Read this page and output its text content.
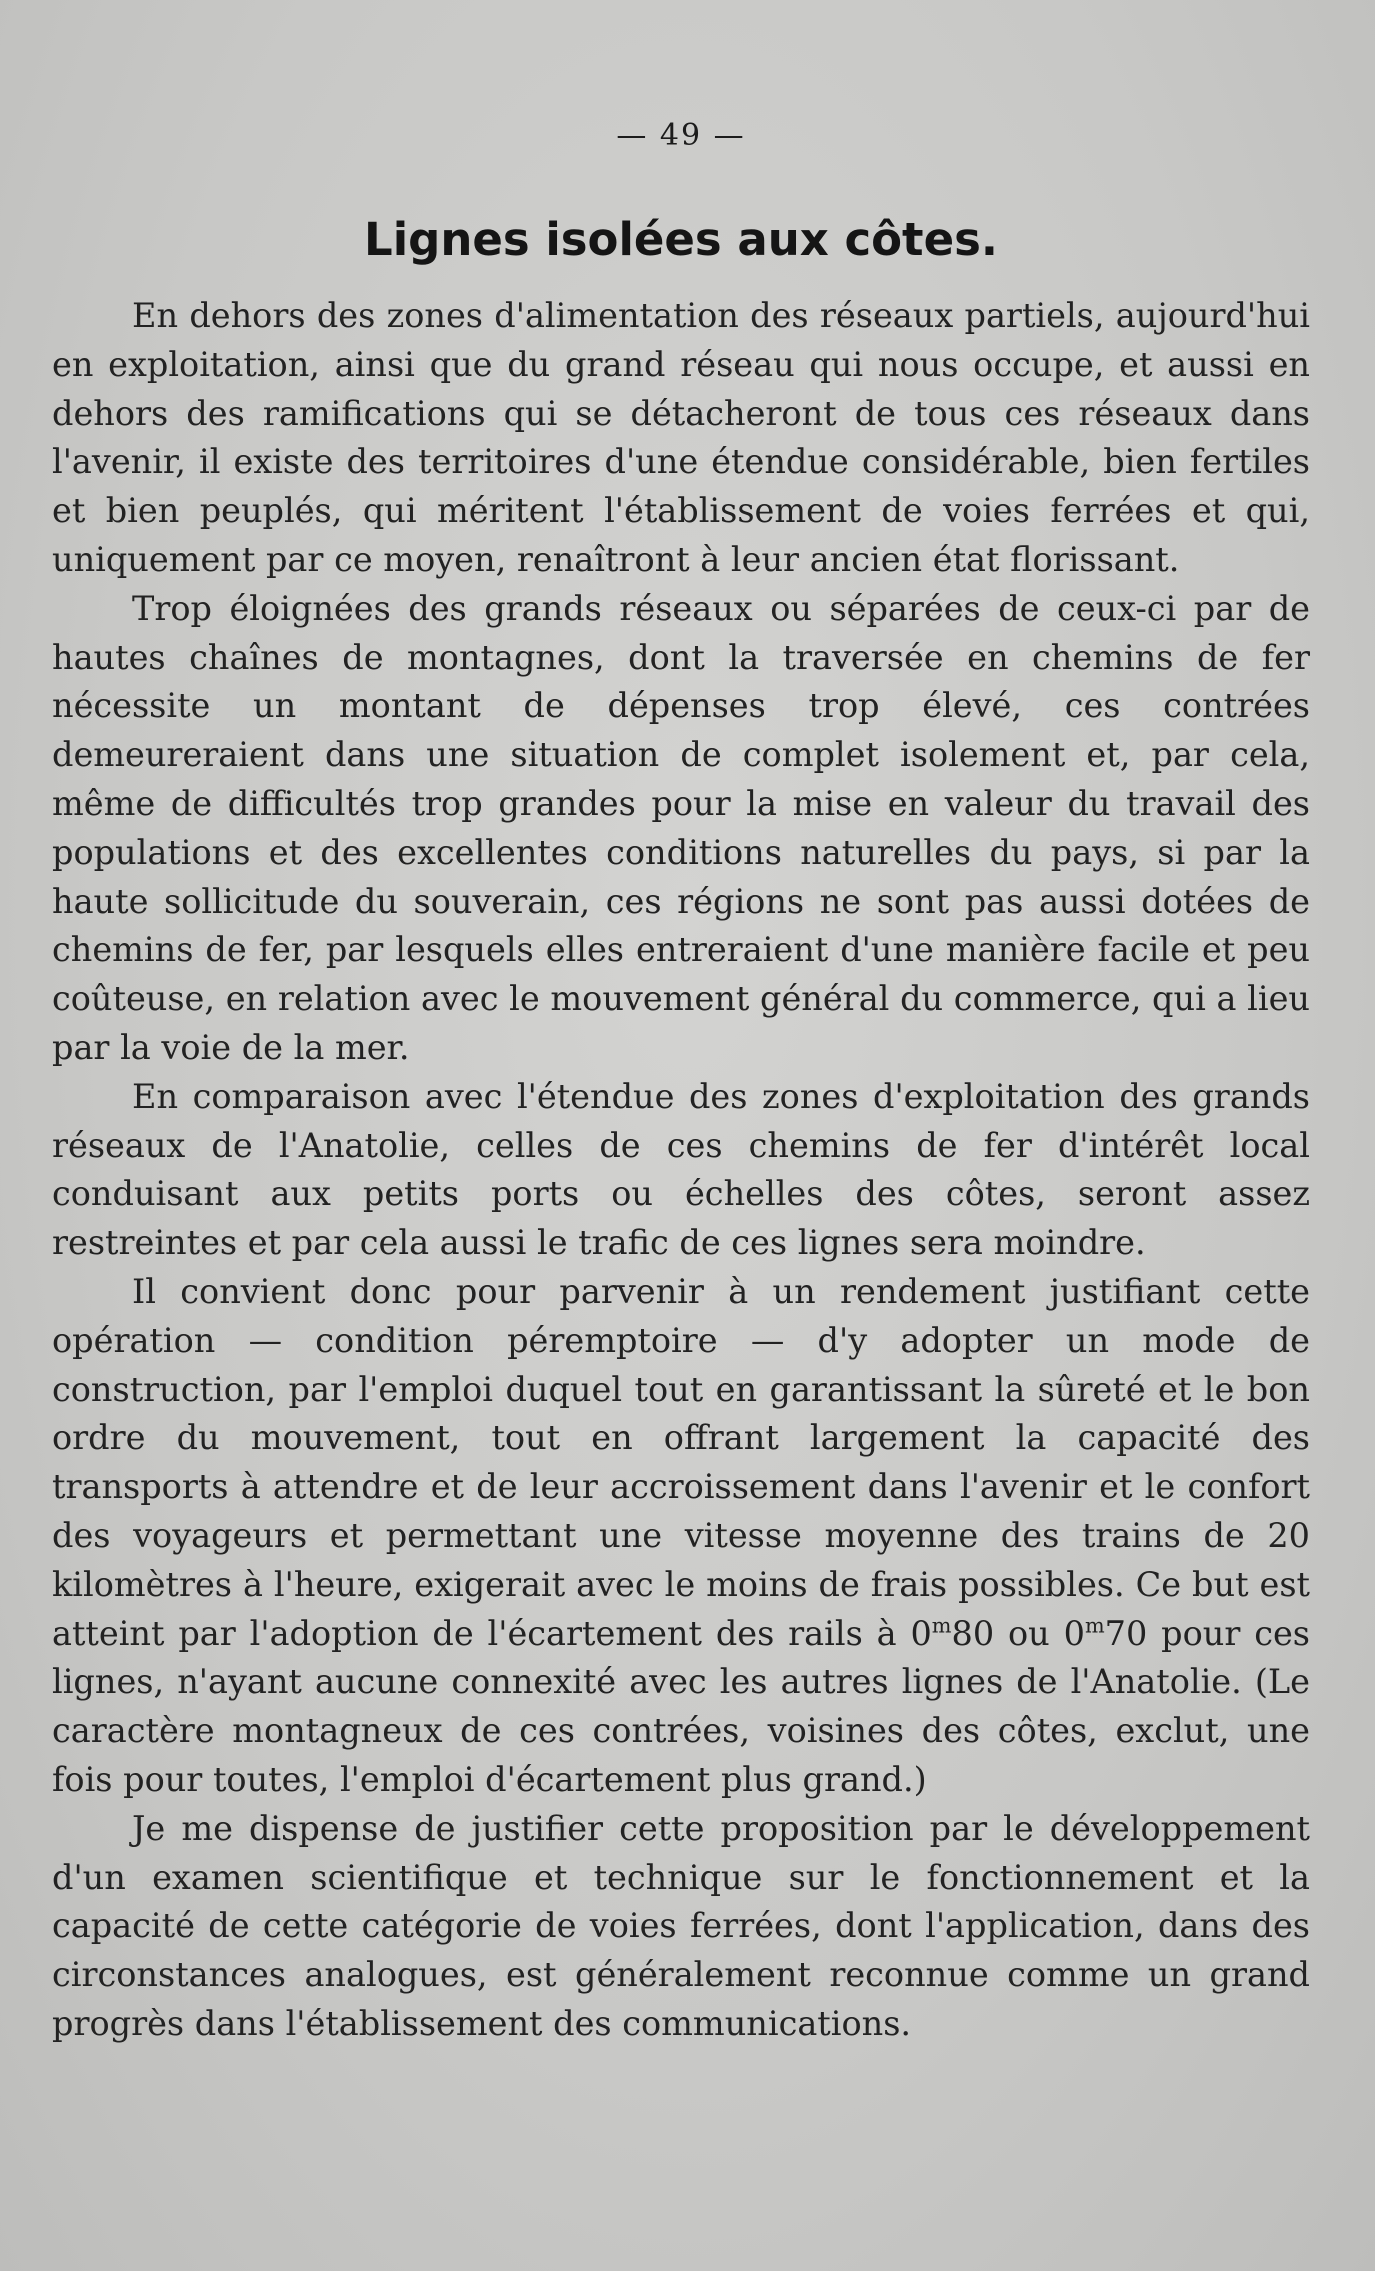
— 49 —
Lignes isolées aux côtes.

En dehors des zones d'alimentation des réseaux partiels, aujourd'hui en exploitation, ainsi que du grand réseau qui nous occupe, et aussi en dehors des ramifications qui se détacheront de tous ces réseaux dans l'avenir, il existe des territoires d'une étendue considérable, bien fertiles et bien peuplés, qui méritent l'établissement de voies ferrées et qui, uniquement par ce moyen, renaîtront à leur ancien état florissant.

Trop éloignées des grands réseaux ou séparées de ceux-ci par de hautes chaînes de montagnes, dont la traversée en chemins de fer nécessite un montant de dépenses trop élevé, ces contrées demeureraient dans une situation de complet isolement et, par cela, même de difficultés trop grandes pour la mise en valeur du travail des populations et des excellentes conditions naturelles du pays, si par la haute sollicitude du souverain, ces régions ne sont pas aussi dotées de chemins de fer, par lesquels elles entreraient d'une manière facile et peu coûteuse, en relation avec le mouvement général du commerce, qui a lieu par la voie de la mer.

En comparaison avec l'étendue des zones d'exploitation des grands réseaux de l'Anatolie, celles de ces chemins de fer d'intérêt local conduisant aux petits ports ou échelles des côtes, seront assez restreintes et par cela aussi le trafic de ces lignes sera moindre.

Il convient donc pour parvenir à un rendement justifiant cette opération — condition péremptoire — d'y adopter un mode de construction, par l'emploi duquel tout en garantissant la sûreté et le bon ordre du mouvement, tout en offrant largement la capacité des transports à attendre et de leur accroissement dans l'avenir et le confort des voyageurs et permettant une vitesse moyenne des trains de 20 kilomètres à l'heure, exigerait avec le moins de frais possibles. Ce but est atteint par l'adoption de l'écartement des rails à 0$^m$80 ou 0$^m$70 pour ces lignes, n'ayant aucune connexité avec les autres lignes de l'Anatolie. (Le caractère montagneux de ces contrées, voisines des côtes, exclut, une fois pour toutes, l'emploi d'écartement plus grand.)

Je me dispense de justifier cette proposition par le développement d'un examen scientifique et technique sur le fonctionnement et la capacité de cette catégorie de voies ferrées, dont l'application, dans des circonstances analogues, est généralement reconnue comme un grand progrès dans l'établissement des communications.
